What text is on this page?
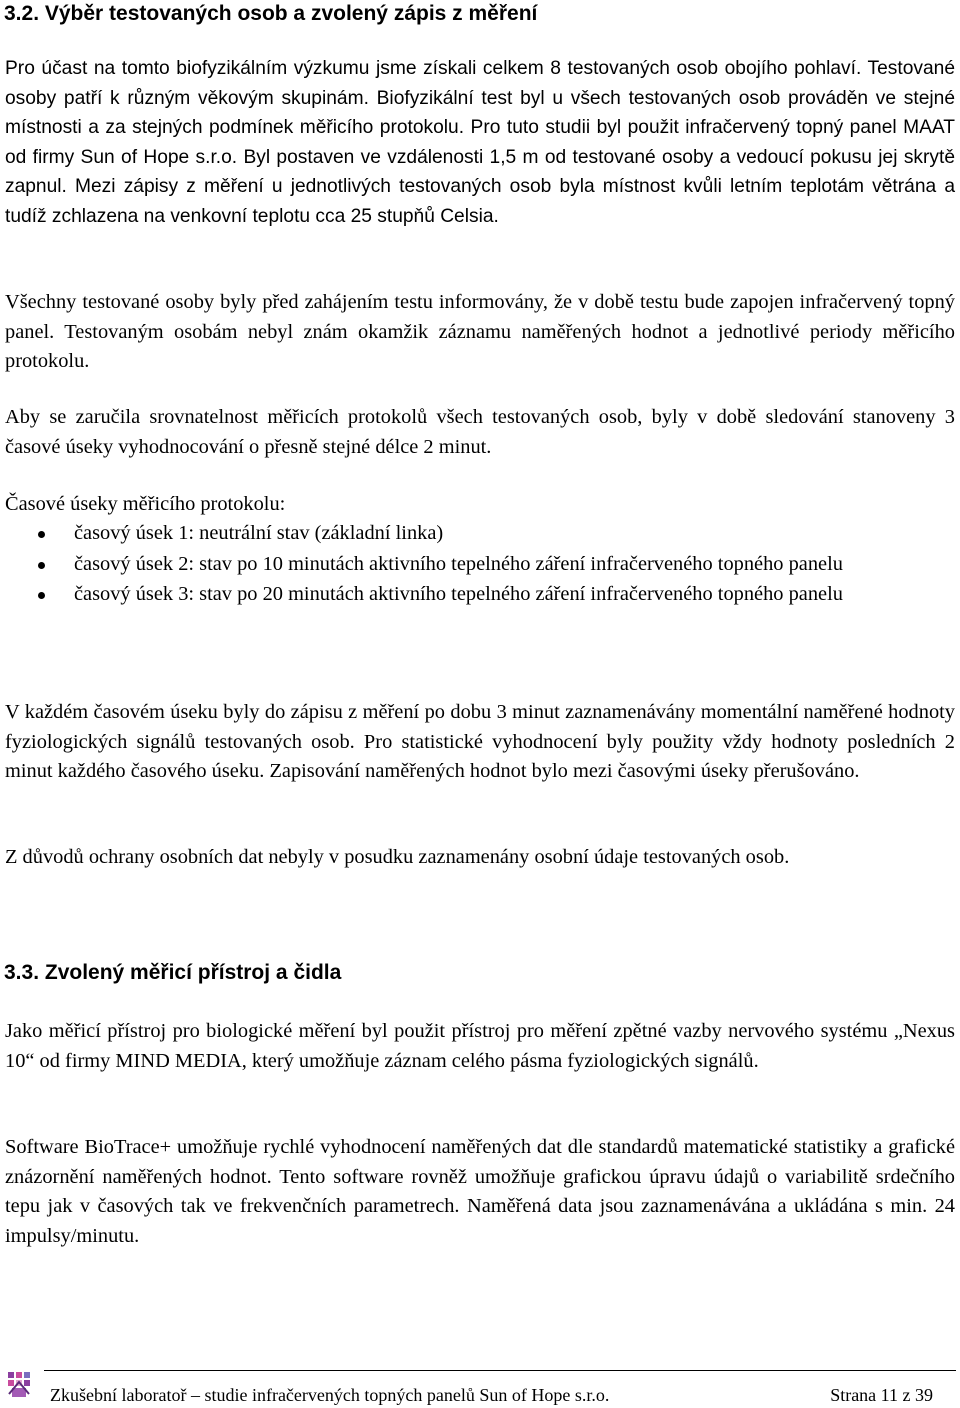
3.2. Výběr testovaných osob a zvolený zápis z měření

Pro účast na tomto biofyzikálním výzkumu jsme získali celkem 8 testovaných osob obojího pohlaví. Testované osoby patří k různým věkovým skupinám. Biofyzikální test byl u všech testovaných osob prováděn ve stejné místnosti a za stejných podmínek měřicího protokolu. Pro tuto studii byl použit infračervený topný panel MAAT od firmy Sun of Hope s.r.o. Byl postaven ve vzdálenosti 1,5 m od testované osoby a vedoucí pokusu jej skrytě zapnul. Mezi zápisy z měření u jednotlivých testovaných osob byla místnost kvůli letním teplotám větrána a tudíž zchlazena na venkovní teplotu cca 25 stupňů Celsia.

Všechny testované osoby byly před zahájením testu informovány, že v době testu bude zapojen infračervený topný panel. Testovaným osobám nebyl znám okamžik záznamu naměřených hodnot a jednotlivé periody měřicího protokolu.

Aby se zaručila srovnatelnost měřicích protokolů všech testovaných osob, byly v době sledování stanoveny 3 časové úseky vyhodnocování o přesně stejné délce 2 minut.

Časové úseky měřicího protokolu:

časový úsek 1: neutrální stav (základní linka)
časový úsek 2: stav po 10 minutách aktivního tepelného záření infračerveného topného panelu
časový úsek 3: stav po 20 minutách aktivního tepelného záření infračerveného topného panelu

V každém časovém úseku byly do zápisu z měření po dobu 3 minut zaznamenávány momentální naměřené hodnoty fyziologických signálů testovaných osob. Pro statistické vyhodnocení byly použity vždy hodnoty posledních 2 minut každého časového úseku. Zapisování naměřených hodnot bylo mezi časovými úseky přerušováno.

Z důvodů ochrany osobních dat nebyly v posudku zaznamenány osobní údaje testovaných osob.

3.3. Zvolený měřicí přístroj a čidla

Jako měřicí přístroj pro biologické měření byl použit přístroj pro měření zpětné vazby nervového systému „Nexus 10“ od firmy MIND MEDIA, který umožňuje záznam celého pásma fyziologických signálů.

Software BioTrace+ umožňuje rychlé vyhodnocení naměřených dat dle standardů matematické statistiky a grafické znázornění naměřených hodnot. Tento software rovněž umožňuje grafickou úpravu údajů o variabilitě srdečního tepu jak v časových tak ve frekvenčních parametrech. Naměřená data jsou zaznamenávána a ukládána s min. 24 impulsy/minutu.

Zkušební laboratoř – studie infračervených topných panelů Sun of Hope s.r.o.	Strana 11 z 39
